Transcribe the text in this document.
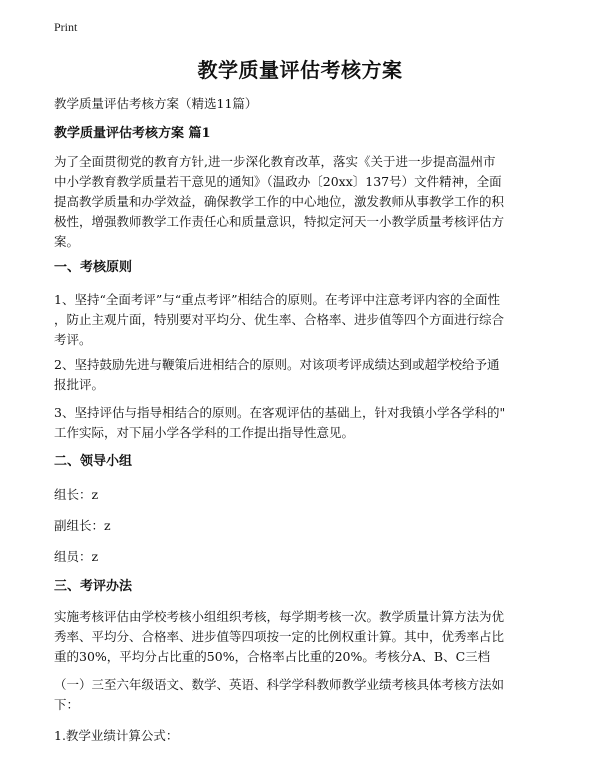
Print
教学质量评估考核方案
教学质量评估考核方案（精选11篇）
教学质量评估考核方案 篇1
为了全面贯彻党的教育方针,进一步深化教育改革，落实《关于进一步提高温州市
中小学教育教学质量若干意见的通知》（温政办〔20xx〕137号）文件精神，全面
提高教学质量和办学效益，确保教学工作的中心地位，激发教师从事教学工作的积
极性，增强教师教学工作责任心和质量意识，特拟定河天一小教学质量考核评估方
案。
一、考核原则
1、坚持“全面考评”与“重点考评”相结合的原则。在考评中注意考评内容的全面性
，防止主观片面，特别要对平均分、优生率、合格率、进步值等四个方面进行综合
考评。
2、坚持鼓励先进与鞭策后进相结合的原则。对该项考评成绩达到或超学校给予通
报批评。
3、坚持评估与指导相结合的原则。在客观评估的基础上，针对我镇小学各学科的"
工作实际，对下届小学各学科的工作提出指导性意见。
二、领导小组
组长：z
副组长：z
组员：z
三、考评办法
实施考核评估由学校考核小组组织考核，每学期考核一次。教学质量计算方法为优
秀率、平均分、合格率、进步值等四项按一定的比例权重计算。其中，优秀率占比
重的30%，平均分占比重的50%，合格率占比重的20%。考核分A、B、C三档
（一）三至六年级语文、数学、英语、科学学科教师教学业绩考核具体考核方法如
下：
1.教学业绩计算公式：
